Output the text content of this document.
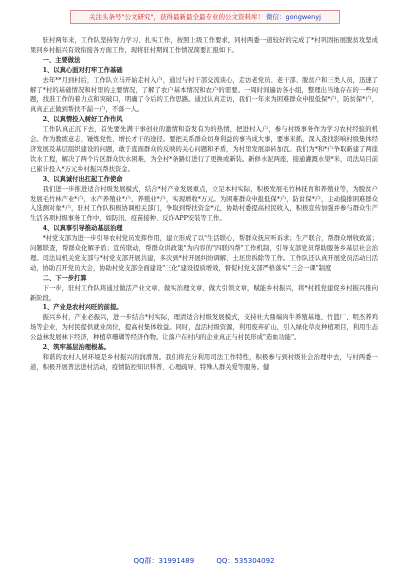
关注头条号"公文研究"，获得最新最全最专业的公文资料库！ 微信：gongwenyj

驻村两年来，工作队坚持努力学习、扎实工作，按照上级工作要求，同村两委一道较好的完成了*村巩固拓展脱贫攻坚成果同乡村振兴有效衔接各方面工作，现将驻村期间工作情况简要汇报如下。

一、主要做法

1、以真心面对打牢工作基础

去年**月到村后，工作队立马开始走村入户，通过与村干部交流谈心，走访老党员、老干部、脱贫户和三类人员，迅速了解了*村的基础情况和村里的主要情况，了解了农户基本情况和农户的需要。一周时间遍访各小组，整理出当地存在的一些问题，找准工作的着力点和突破口，明确了今后的工作思路。通过认真走访，我们一年来为困难群众申报低保*户，防贫保*户，真真正正做到帮扶不漏一户，不落一人。

2、以真情投入树好工作作风

工作队真正沉下去，首先要先满干事创业的激情和奋发有为的热情，把进村入户，参与村级事务作为学习农村经验的机会。作为教练意志、锤炼党性、增长才干的途径。要把关系群众切身利益的事当成大事，要事来抓，深入查找影响村级集体经济发展及基层组织建设的问题，敢于直面群众的反映的关心问题和矛盾，为村里发展添砖加瓦。我们为*和*户争取新建了两座饮水工程，解决了两个片区群众饮水困难，为全村*条路灯进行了更换或新装。新修水泥两座，接通灌溉水渠*米，司法局目前已累计投入*万元乡村振兴帮扶资金。

3、以真诚付出扛起工作使命

我们进一步推进适合村级发展模式，结合*村产业发展重点，立足本村实际，积极发展毛竹林抚育和养殖业等，为脱贫户发展毛竹林产业*户，水产养殖业*户，养殖业*户，实现增收*万元。为困难群众申报低保*户，防贫保*户，主动摸排困难群众入选测对象*户，驻村工作队积极协调相关部门，争取到帮扶资金*元，协助村委提高村民收入，积极宣传加强并参与群众生产生活各项村级事务工作中，如防汛、疫苗接种、反诈APP安装等工作。

4、以真事引导推动基层治理

*村党支部为进一步引导农村党员发挥作用，建立形成了以"生活联心，帮群众抚应听诉求；生产联合，帮群众增收致富；问题联查，帮群众化解矛盾；宣传联动，帮群众讲政策"为内容的"四联四帮"工作机制，引导支部党员帮助服务乡基层社会治理。司法局机关党支部与*村党支部开展共建，多次到*村开展纠纷调解、土坯房拆除等工作。工作队还认真开展党员活动日活动，协助召开党员大会，协助村党支部全面建设"三化"建设提质增效，督促村党支部严格落实"三会一课"制度

二、下一步打算

下一步，驻村工作队将通过做活产业文章、做实治理文章、做大引领文章，赋能乡村振兴，将*村抓党建促乡村振兴推向新阶段。

1、产业是农村兴旺的前提。

振兴乡村，产业必振兴，进一步结合*村实际，理清适合村级发展模式，支持社大鼎端肉牛养殖基地、竹篮厂、明杰养鸡场等企业，为村民提供就业岗位，提高村集体收益。同时，盘活村级资源，利用废弃矿山，引入绿化草皮种植项目，利用生态公益林发展林下经济，种植草珊瑚等经济作物。让落户在村内的企业真正与村民形成"造血功能"。

2、筑牢基层治理根基。

和谐的农村人居环境是乡村振兴的润滑剂。我们将充分利用司法工作特性，积极参与到村级社会治理中去，与村两委一道，积极开展普法进村活动，疫情防控知识科普、心理疏导、特殊人群关爱等服务。健

QQ群：31991489	QQ：535304092
